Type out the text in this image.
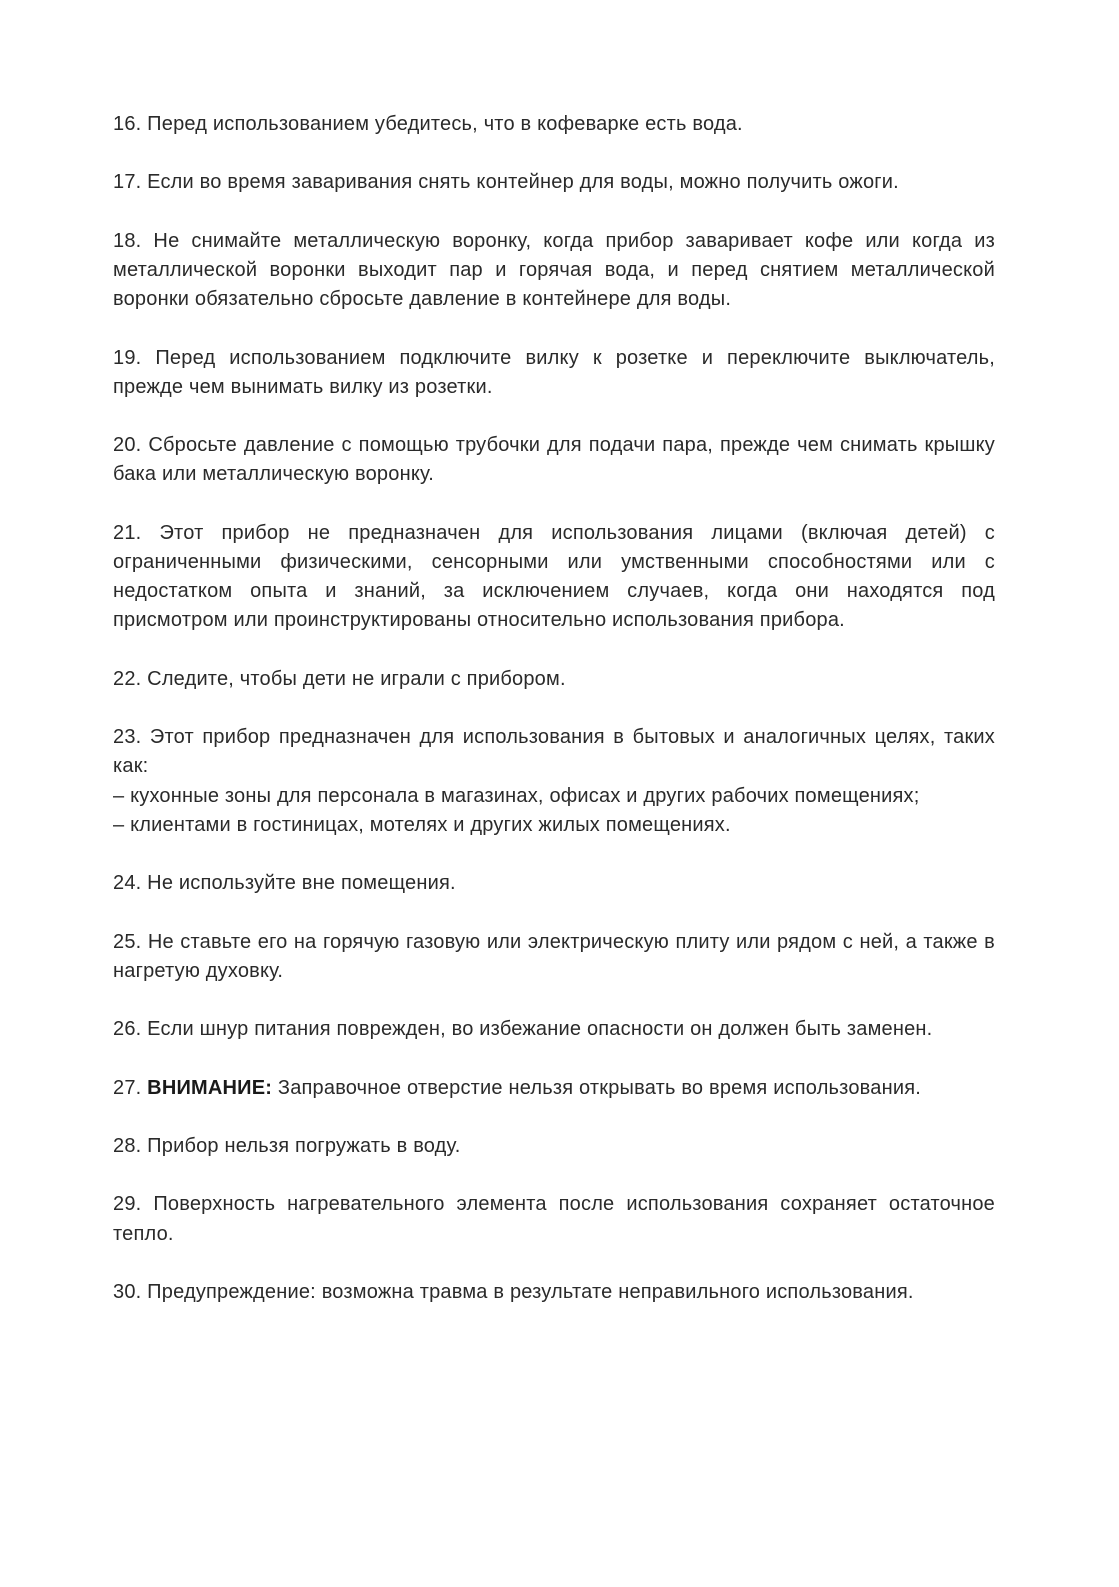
16. Перед использованием убедитесь, что в кофеварке есть вода.

17. Если во время заваривания снять контейнер для воды, можно получить ожоги.

18. Не снимайте металлическую воронку, когда прибор заваривает кофе или когда из металлической воронки выходит пар и горячая вода, и перед снятием металлической воронки обязательно сбросьте давление в контейнере для воды.

19. Перед использованием подключите вилку к розетке и переключите выключатель, прежде чем вынимать вилку из розетки.

20. Сбросьте давление с помощью трубочки для подачи пара, прежде чем снимать крышку бака или металлическую воронку.

21. Этот прибор не предназначен для использования лицами (включая детей) с ограниченными физическими, сенсорными или умственными способностями или с недостатком опыта и знаний, за исключением случаев, когда они находятся под присмотром или проинструктированы относительно использования прибора.

22. Следите, чтобы дети не играли с прибором.

23. Этот прибор предназначен для использования в бытовых и аналогичных целях, таких как:
– кухонные зоны для персонала в магазинах, офисах и других рабочих помещениях;
– клиентами в гостиницах, мотелях и других жилых помещениях.

24. Не используйте вне помещения.

25. Не ставьте его на горячую газовую или электрическую плиту или рядом с ней, а также в нагретую духовку.

26. Если шнур питания поврежден, во избежание опасности он должен быть заменен.

27. ВНИМАНИЕ: Заправочное отверстие нельзя открывать во время использования.

28. Прибор нельзя погружать в воду.

29. Поверхность нагревательного элемента после использования сохраняет остаточное тепло.

30. Предупреждение: возможна травма в результате неправильного использования.
